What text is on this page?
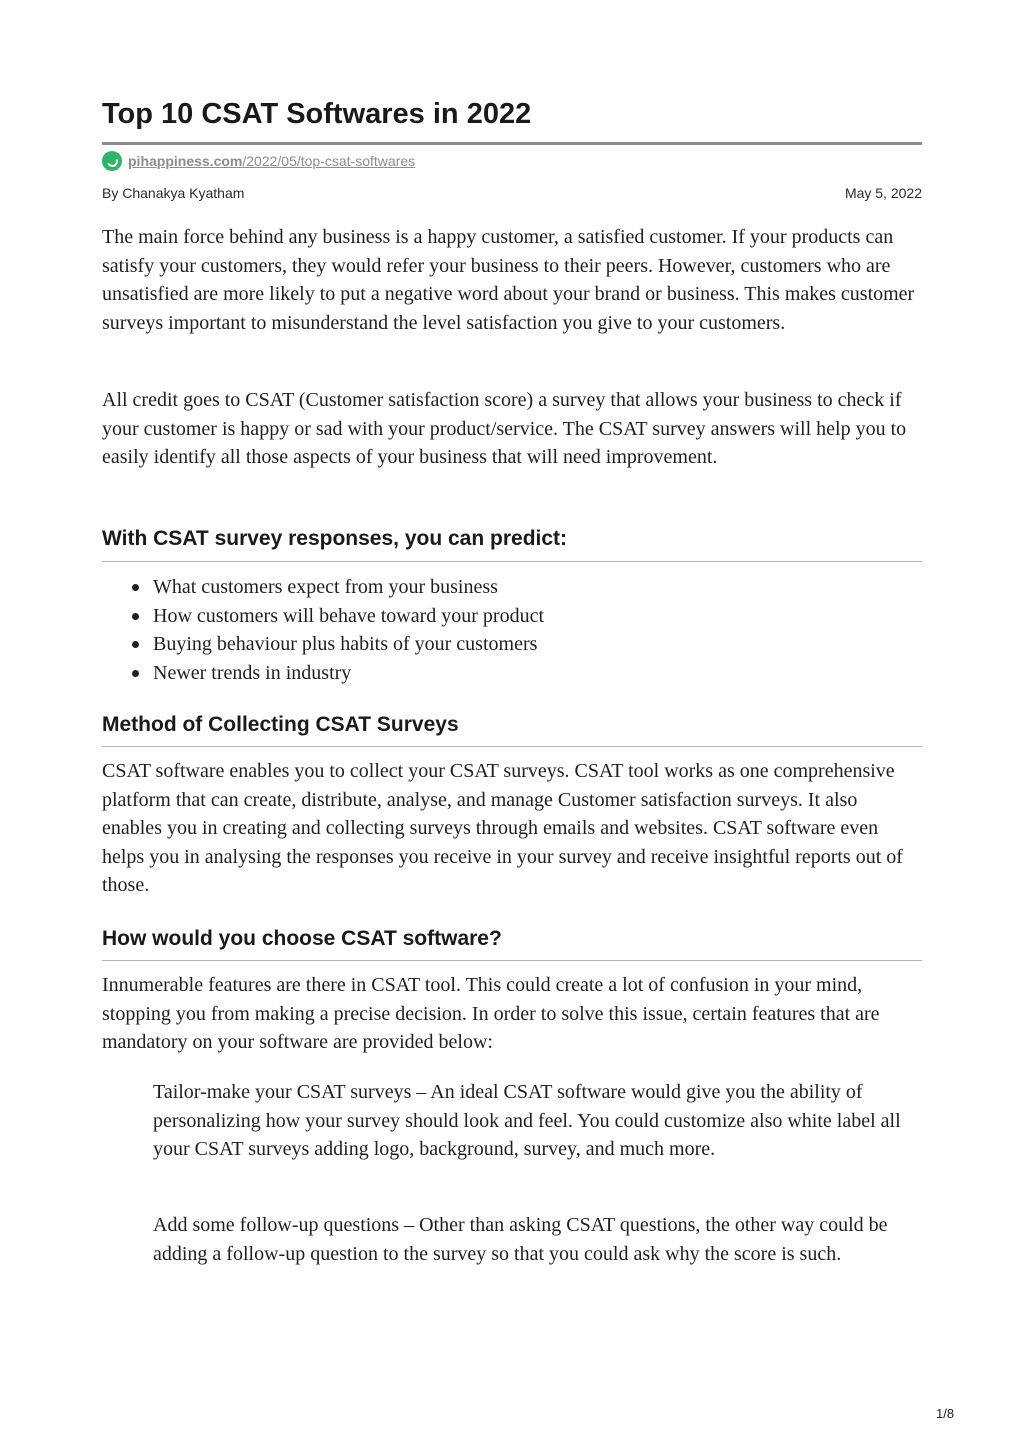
Top 10 CSAT Softwares in 2022
pihappiness.com /2022/05/top-csat-softwares
By Chanakya Kyatham	May 5, 2022

The main force behind any business is a happy customer, a satisfied customer. If your products can satisfy your customers, they would refer your business to their peers. However, customers who are unsatisfied are more likely to put a negative word about your brand or business. This makes customer surveys important to misunderstand the level satisfaction you give to your customers.

All credit goes to CSAT (Customer satisfaction score) a survey that allows your business to check if your customer is happy or sad with your product/service. The CSAT survey answers will help you to easily identify all those aspects of your business that will need improvement.

With CSAT survey responses, you can predict:
What customers expect from your business
How customers will behave toward your product
Buying behaviour plus habits of your customers
Newer trends in industry
Method of Collecting CSAT Surveys

CSAT software enables you to collect your CSAT surveys. CSAT tool works as one comprehensive platform that can create, distribute, analyse, and manage Customer satisfaction surveys. It also enables you in creating and collecting surveys through emails and websites. CSAT software even helps you in analysing the responses you receive in your survey and receive insightful reports out of those.

How would you choose CSAT software?

Innumerable features are there in CSAT tool. This could create a lot of confusion in your mind, stopping you from making a precise decision. In order to solve this issue, certain features that are mandatory on your software are provided below:

Tailor-make your CSAT surveys – An ideal CSAT software would give you the ability of personalizing how your survey should look and feel. You could customize also white label all your CSAT surveys adding logo, background, survey, and much more.

Add some follow-up questions – Other than asking CSAT questions, the other way could be adding a follow-up question to the survey so that you could ask why the score is such.

1/8
